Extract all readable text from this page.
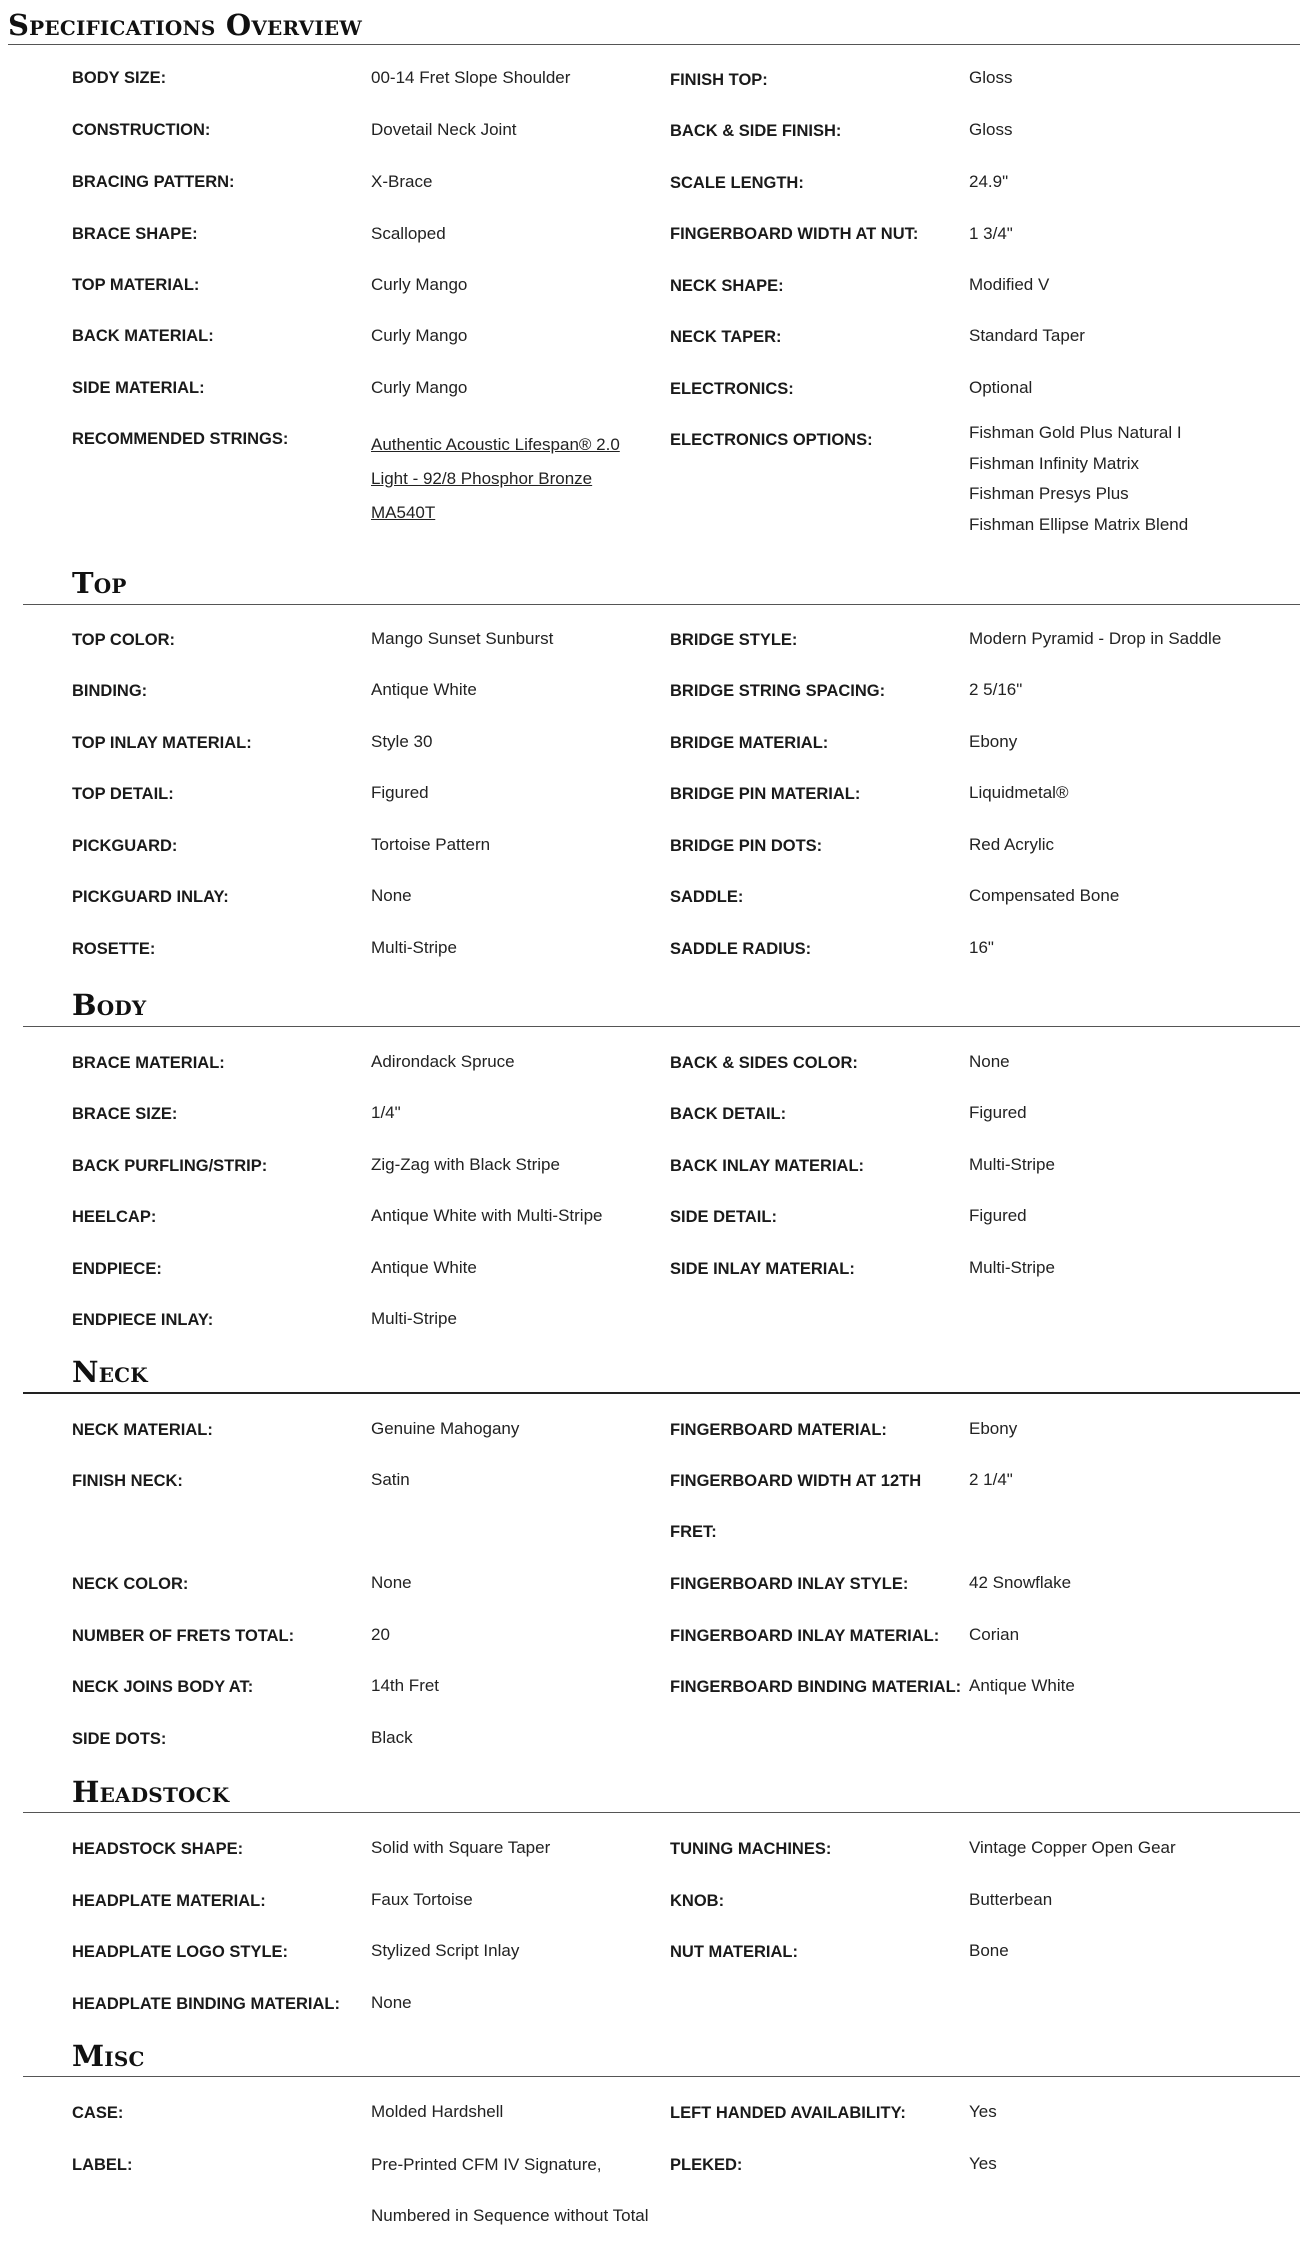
Specifications Overview
BODY SIZE:	00-14 Fret Slope Shoulder
CONSTRUCTION:	Dovetail Neck Joint
BRACING PATTERN:	X-Brace
BRACE SHAPE:	Scalloped
TOP MATERIAL:	Curly Mango
BACK MATERIAL:	Curly Mango
SIDE MATERIAL:	Curly Mango
RECOMMENDED STRINGS:	Authentic Acoustic Lifespan® 2.0 Light - 92/8 Phosphor Bronze MA540T
FINISH TOP:	Gloss
BACK & SIDE FINISH:	Gloss
SCALE LENGTH:	24.9"
FINGERBOARD WIDTH AT NUT:	1 3/4"
NECK SHAPE:	Modified V
NECK TAPER:	Standard Taper
ELECTRONICS:	Optional
ELECTRONICS OPTIONS:	Fishman Gold Plus Natural I
Fishman Infinity Matrix
Fishman Presys Plus
Fishman Ellipse Matrix Blend
Top
TOP COLOR:	Mango Sunset Sunburst
BINDING:	Antique White
TOP INLAY MATERIAL:	Style 30
TOP DETAIL:	Figured
PICKGUARD:	Tortoise Pattern
PICKGUARD INLAY:	None
ROSETTE:	Multi-Stripe
BRIDGE STYLE:	Modern Pyramid - Drop in Saddle
BRIDGE STRING SPACING:	2 5/16"
BRIDGE MATERIAL:	Ebony
BRIDGE PIN MATERIAL:	Liquidmetal®
BRIDGE PIN DOTS:	Red Acrylic
SADDLE:	Compensated Bone
SADDLE RADIUS:	16"
Body
BRACE MATERIAL:	Adirondack Spruce
BRACE SIZE:	1/4"
BACK PURFLING/STRIP:	Zig-Zag with Black Stripe
HEELCAP:	Antique White with Multi-Stripe
ENDPIECE:	Antique White
ENDPIECE INLAY:	Multi-Stripe
BACK & SIDES COLOR:	None
BACK DETAIL:	Figured
BACK INLAY MATERIAL:	Multi-Stripe
SIDE DETAIL:	Figured
SIDE INLAY MATERIAL:	Multi-Stripe
Neck
NECK MATERIAL:	Genuine Mahogany
FINISH NECK:	Satin
NECK COLOR:	None
NUMBER OF FRETS TOTAL:	20
NECK JOINS BODY AT:	14th Fret
SIDE DOTS:	Black
FINGERBOARD MATERIAL:	Ebony
FINGERBOARD WIDTH AT 12TH FRET:
2 1/4"
FINGERBOARD INLAY STYLE:	42 Snowflake
FINGERBOARD INLAY MATERIAL: Corian
FINGERBOARD BINDING MATERIAL: Antique White
Headstock
HEADSTOCK SHAPE:	Solid with Square Taper
HEADPLATE MATERIAL:	Faux Tortoise
HEADPLATE LOGO STYLE:	Stylized Script Inlay
HEADPLATE BINDING MATERIAL: None
TUNING MACHINES:	Vintage Copper Open Gear
KNOB:	Butterbean
NUT MATERIAL:	Bone
Misc
CASE:	Molded Hardshell
LABEL:	Pre-Printed CFM IV Signature, Numbered in Sequence without Total
LEFT HANDED AVAILABILITY:	Yes
PLEKED:	Yes
